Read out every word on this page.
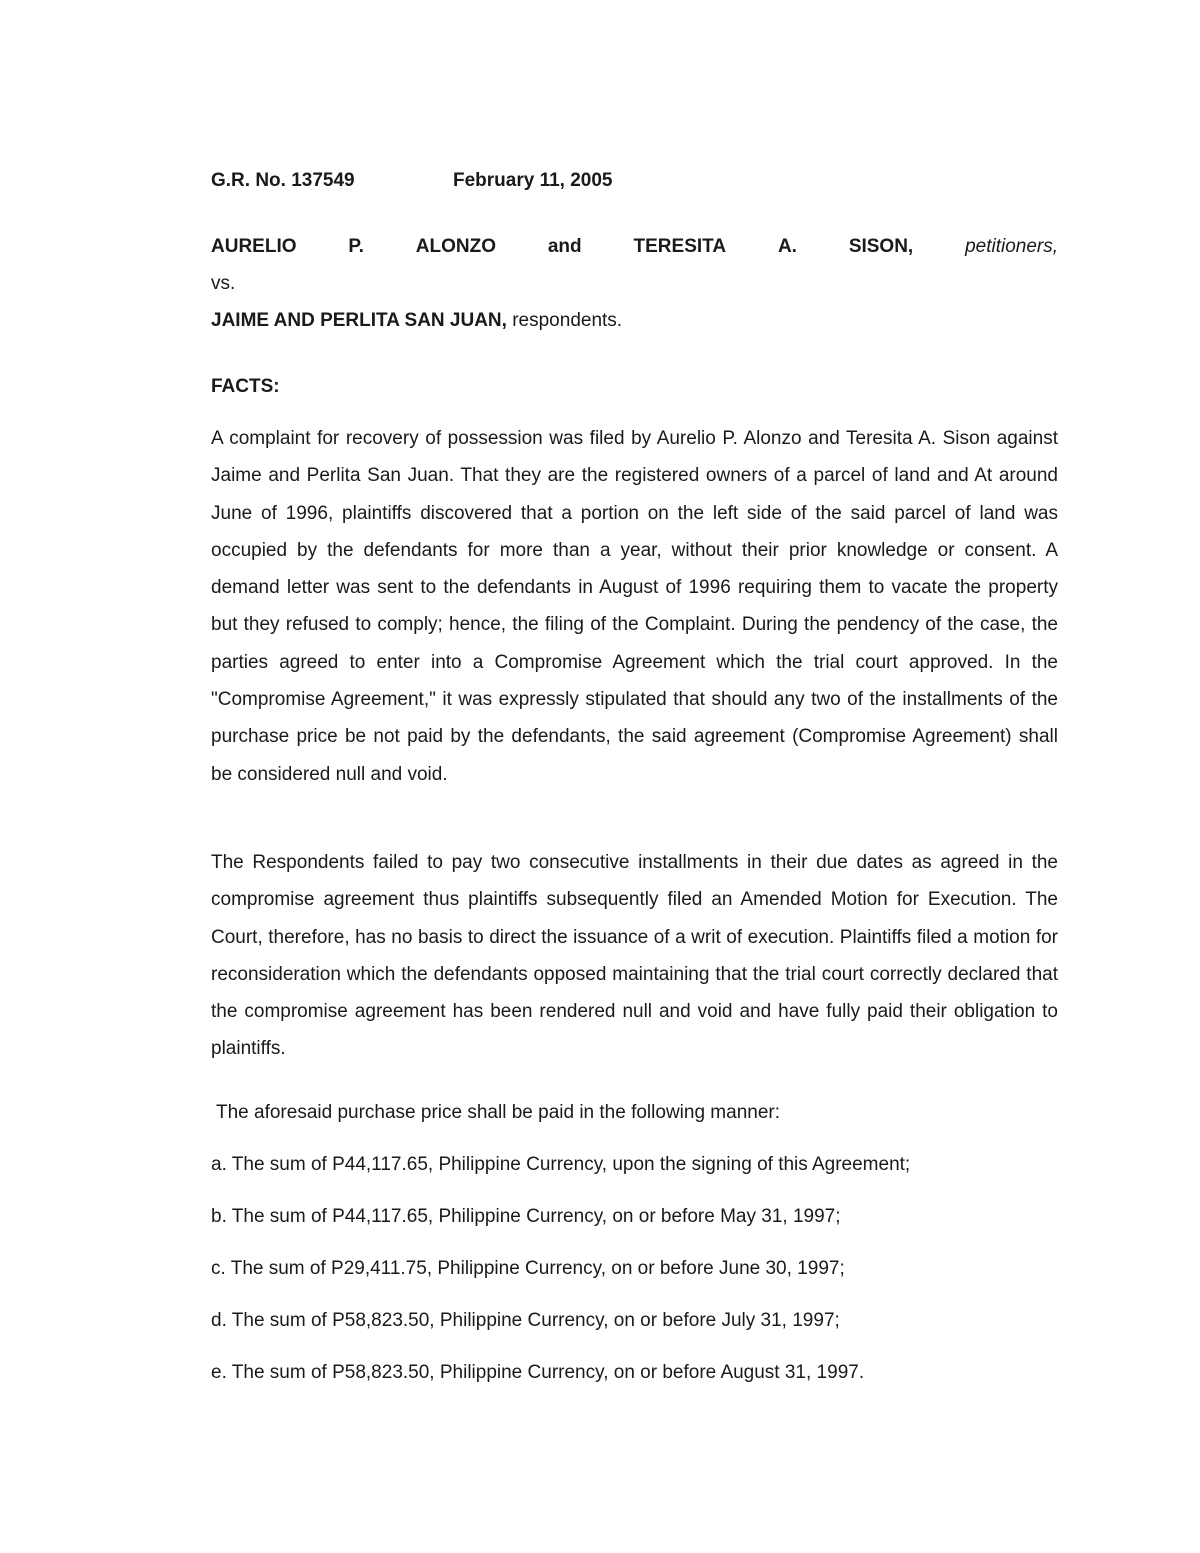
G.R. No. 137549	February 11, 2005
AURELIO	P.	ALONZO	and	TERESITA	A.	SISON,	petitioners,
vs.
JAIME AND PERLITA SAN JUAN, respondents.
FACTS:
A complaint for recovery of possession was filed by Aurelio P. Alonzo and Teresita A. Sison against Jaime and Perlita San Juan. That they are the registered owners of a parcel of land and At around June of 1996, plaintiffs discovered that a portion on the left side of the said parcel of land was occupied by the defendants for more than a year, without their prior knowledge or consent. A demand letter was sent to the defendants in August of 1996 requiring them to vacate the property but they refused to comply; hence, the filing of the Complaint. During the pendency of the case, the parties agreed to enter into a Compromise Agreement which the trial court approved. In the "Compromise Agreement," it was expressly stipulated that should any two of the installments of the purchase price be not paid by the defendants, the said agreement (Compromise Agreement) shall be considered null and void.
The Respondents failed to pay two consecutive installments in their due dates as agreed in the compromise agreement thus plaintiffs subsequently filed an Amended Motion for Execution. The Court, therefore, has no basis to direct the issuance of a writ of execution. Plaintiffs filed a motion for reconsideration which the defendants opposed maintaining that the trial court correctly declared that the compromise agreement has been rendered null and void and have fully paid their obligation to plaintiffs.
The aforesaid purchase price shall be paid in the following manner:
a. The sum of P44,117.65, Philippine Currency, upon the signing of this Agreement;
b. The sum of P44,117.65, Philippine Currency, on or before May 31, 1997;
c. The sum of P29,411.75, Philippine Currency, on or before June 30, 1997;
d. The sum of P58,823.50, Philippine Currency, on or before July 31, 1997;
e. The sum of P58,823.50, Philippine Currency, on or before August 31, 1997.
